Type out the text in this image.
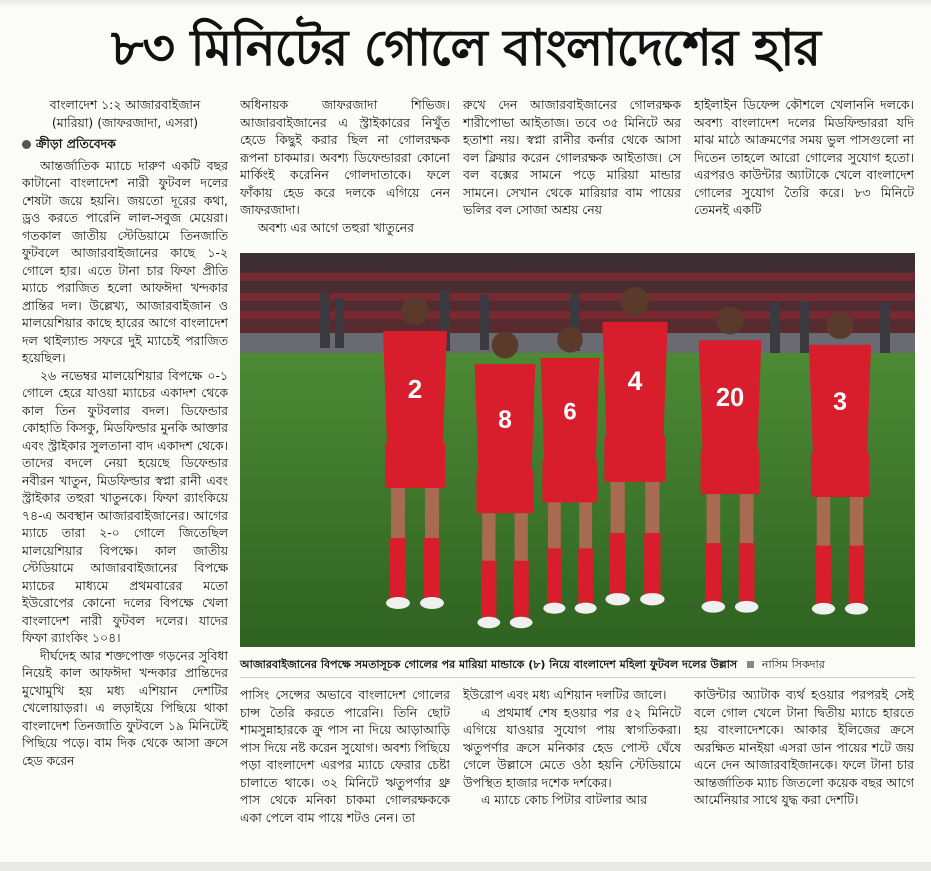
৮৩ মিনিটের গোলে বাংলাদেশের হার

বাংলাদেশ ১:২ আজারবাইজান

(মারিয়া) (জাফরজাদা, এসরা)

ক্রীড়া প্রতিবেদক

আন্তর্জাতিক ম্যাচে দারুণ একটি বছর কাটানো বাংলাদেশ নারী ফুটবল দলের শেষটা জয়ে হয়নি। জয়তো দূরের কথা, ড্রও করতে পারেনি লাল-সবুজ মেয়েরা। গতকাল জাতীয় স্টেডিয়ামে তিনজাতি ফুটবলে আজারবাইজানের কাছে ১-২ গোলে হার। এতে টানা চার ফিফা প্রীতি ম্যাচে পরাজিত হলো আফঈদা খন্দকার প্রান্তির দল। উল্লেখ্য, আজারবাইজান ও মালয়েশিয়ার কাছে হারের আগে বাংলাদেশ দল থাইল্যান্ড সফরে দুই ম্যাচেই পরাজিত হয়েছিল।

২৬ নভেম্বর মালয়েশিয়ার বিপক্ষে ০-১ গোলে হেরে যাওয়া ম্যাচের একাদশ থেকে কাল তিন ফুটবলার বদল। ডিফেন্ডার কোহাতি কিসকু, মিডফিল্ডার মুনকি আক্তার এবং স্ট্রাইকার সুলতানা বাদ একাদশ থেকে। তাদের বদলে নেয়া হয়েছে ডিফেন্ডার নবীরন খাতুন, মিডফিল্ডার স্বপ্না রানী এবং স্ট্রাইকার তহুরা খাতুনকে। ফিফা র‍্যাংকিয়ে ৭৪-এ অবস্থান আজারবাইজানের। আগের ম্যাচে তারা ২-০ গোলে জিতেছিল মালয়েশিয়ার বিপক্ষে। কাল জাতীয় স্টেডিয়ামে আজারবাইজানের বিপক্ষে ম্যাচের মাধ্যমে প্রথমবারের মতো ইউরোপের কোনো দলের বিপক্ষে খেলা বাংলাদেশ নারী ফুটবল দলের। যাদের ফিফা র‍্যাংকিং ১০৪।

দীর্ঘদেহ আর শক্তপোক্ত গড়নের সুবিধা নিয়েই কাল আফঈদা খন্দকার প্রান্তিদের মুখোমুখি হয় মধ্য এশিয়ান দেশটির খেলোয়াড়রা। এ লড়াইয়ে পিছিয়ে থাকা বাংলাদেশ তিনজাতি ফুটবলে ১৯ মিনিটেই পিছিয়ে পড়ে। বাম দিক থেকে আসা ক্রসে হেড করেন

অধিনায়ক জাফরজাদা শিভিজ। আজারবাইজানের এ স্ট্রাইকারের নিখুঁত হেডে কিছুই করার ছিল না গোলরক্ষক রূপনা চাকমার। অবশ্য ডিফেন্ডাররা কোনো মার্কিংই করেনিন গোলদাতাকে। ফলে ফাঁকায় হেড করে দলকে এগিয়ে নেন জাফরজাদা।

অবশ্য এর আগে তহুরা খাতুনের

রুখে দেন আজারবাইজানের গোলরক্ষক শারীপোভা আইতাজ। তবে ৩৫ মিনিটে অর হতাশা নয়। স্বপ্না রানীর কর্নার থেকে আসা বল ক্লিয়ার করেন গোলরক্ষক আইতাজ। সে বল বক্সের সামনে পড়ে মারিয়া মান্ডার সামনে। সেখান থেকে মারিয়ার বাম পায়ের ভলির বল সোজা অশ্রয় নেয়

হাইলাইন ডিফেন্স কৌশলে খেলাননি দলকে। অবশ্য বাংলাদেশ দলের মিডফিল্ডাররা যদি মাঝ মাঠে আক্রমণের সময় ভুল পাসগুলো না দিতেন তাহলে আরো গোলের সুযোগ হতো। এরপরও কাউন্টার অ্যাটাকে খেলে বাংলাদেশ গোলের সুযোগ তৈরি করে। ৮৩ মিনিটে তেমনই একটি

2
8 6
4
20	3
আজারবাইজানের বিপক্ষে সমতাসূচক গোলের পর মারিয়া মান্ডাকে (৮) নিয়ে বাংলাদেশ মহিলা ফুটবল দলের উল্লাস নাসিম সিকদার

পাসিং সেন্সের অভাবে বাংলাদেশ গোলের চান্স তৈরি করতে পারেনি। তিনি ছোট শামসুন্নাহারকে ক্রু পাস না দিয়ে আড়াআড়ি পাস দিয়ে নষ্ট করেন সুযোগ। অবশ্য পিছিয়ে পড়া বাংলাদেশ এরপর ম্যাচে ফেরার চেষ্টা চালাতে থাকে। ৩২ মিনিটে ঋতুপর্ণার থ্রু পাস থেকে মনিকা চাকমা গোলরক্ষককে একা পেলে বাম পায়ে শটও নেন। তা

ইউরোপ এবং মধ্য এশিয়ান দলটির জালে।

এ প্রথমার্ধ শেষ হওয়ার পর ৫২ মিনিটে এগিয়ে যাওয়ার সুযোগ পায় স্বাগতিকরা। ঋতুপর্ণার ক্রসে মনিকার হেড পোস্ট ঘেঁষে গেলে উল্লাসে মেতে ওঠা হয়নি স্টেডিয়ামে উপস্থিত হাজার দশেক দর্শকের।

এ ম্যাচে কোচ পিটার বাটলার আর

কাউন্টার অ্যাটাক ব্যর্থ হওয়ার পরপরই সেই বলে গোল খেলে টানা দ্বিতীয় ম্যাচে হারতে হয় বাংলাদেশকে। আকার ইলিজের ক্রসে অরক্ষিত মানইয়া এসরা ডান পায়ের শটে জয় এনে দেন আজারবাইজানকে। ফলে টানা চার আন্তর্জাতিক ম্যাচ জিতলো কয়েক বছর আগে আর্মেনিয়ার সাথে যুদ্ধ করা দেশটি।
